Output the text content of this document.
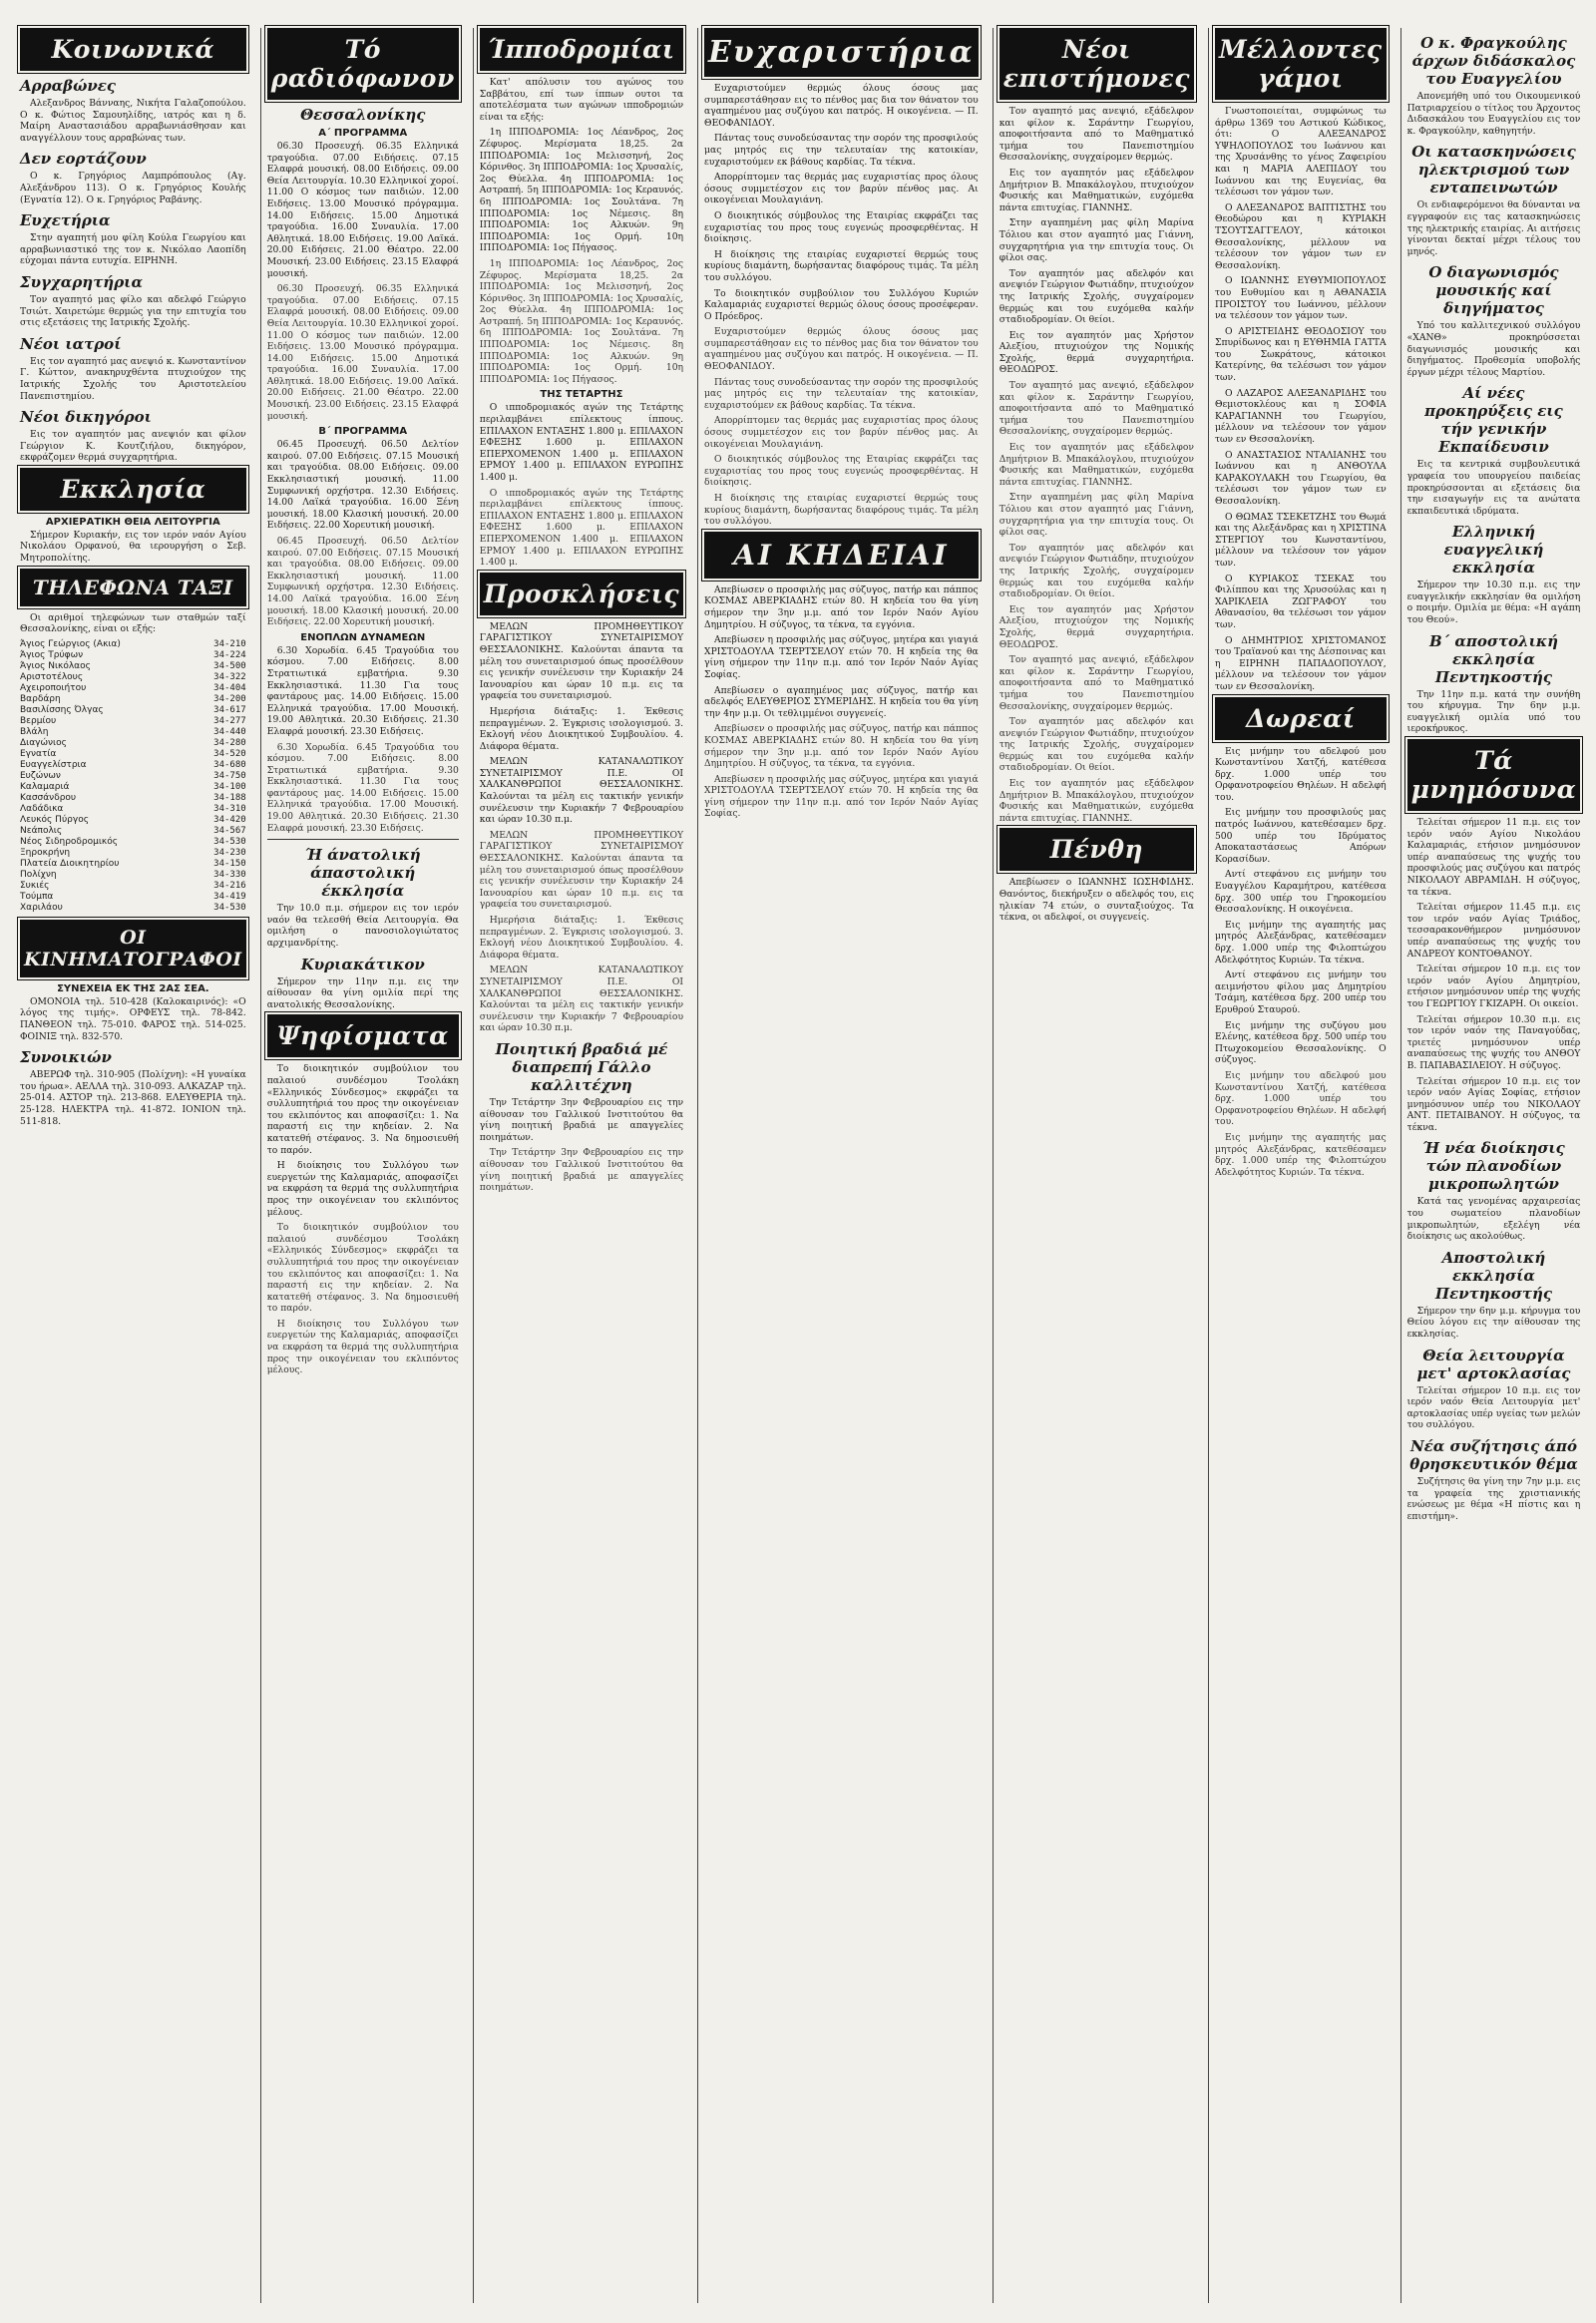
Κοινωνικά
Αρραβώνες

Αλεξανδρος Βάνναης, Νικήτα Γαλαζοπούλου. Ο κ. Φώτιος Σαμουηλίδης, ιατρός και η δ. Μαίρη Αναστασιάδου αρραβωνιάσθησαν και αναγγέλλουν τους αρραβώνας των.

Δεν εορτάζουν

Ο κ. Γρηγόριος Λαμπρόπουλος (Αγ. Αλεξάνδρου 113). Ο κ. Γρηγόριος Κουλής (Εγνατία 12). Ο κ. Γρηγόριος Ραβάνης.

Ευχετήρια

Στην αγαπητή μου φίλη Κούλα Γεωργίου και αρραβωνιαστικό της τον κ. Νικόλαο Λαοπίδη εύχομαι πάντα ευτυχία. ΕΙΡΗΝΗ.

Συγχαρητήρια

Τον αγαπητό μας φίλο και αδελφό Γεώργιο Τσιώτ. Χαιρετώμε θερμώς για την επιτυχία του στις εξετάσεις της Ιατρικής Σχολής.

Νέοι ιατροί

Εις τον αγαπητό μας ανεψιό κ. Κωνσταντίνον Γ. Κώττον, ανακηρυχθέντα πτυχιούχον της Ιατρικής Σχολής του Αριστοτελείου Πανεπιστημίου.

Νέοι δικηγόροι

Εις τον αγαπητόν μας ανεψιόν και φίλον Γεώργιον Κ. Κουτζιήλου, δικηγόρον, εκφράζομεν θερμά συγχαρητήρια.

Εκκλησία
ΑΡΧΙΕΡΑΤΙΚΗ ΘΕΙΑ ΛΕΙΤΟΥΡΓΙΑ

Σήμερον Κυριακήν, εις τον ιερόν ναόν Αγίου Νικολάου Ορφανού, θα ιερουργήση ο Σεβ. Μητροπολίτης.

ΤΗΛΕΦΩΝΑ ΤΑΞΙ

Οι αριθμοί τηλεφώνων των σταθμών ταξί Θεσσαλονίκης, είναι οι εξής:

Άγιος Γεώργιος (Ακια)	34-210
Άγιος Τρύφων	34-224
Άγιος Νικόλαος	34-500
Αριστοτέλους	34-322
Αχειροποιήτου	34-404
Βαρδάρη	34-200
Βασιλίσσης Όλγας	34-617
Βερμίου	34-277
Βλάλη	34-440
Διαγώνιος	34-280
Εγνατία	34-520
Ευαγγελίστρια	34-680
Ευζώνων	34-750
Καλαμαριά	34-100
Κασσάνδρου	34-188
Λαδάδικα	34-310
Λευκός Πύργος	34-420
Νεάπολις	34-567
Νέος Σιδηροδρομικός	34-530
Ξηροκρήνη	34-230
Πλατεία Διοικητηρίου	34-150
Πολίχνη	34-330
Συκιές	34-216
Τούμπα	34-419
Χαριλάου	34-530
ΟΙ ΚΙΝΗΜΑΤΟΓΡΑΦΟΙ
ΣΥΝΕΧΕΙΑ ΕΚ ΤΗΣ 2ΑΣ ΣΕΑ.

ΟΜΟΝΟΙΑ τηλ. 510-428 (Καλοκαιρινός): «Ο λόγος της τιμής». ΟΡΦΕΥΣ τηλ. 78-842. ΠΑΝΘΕΟΝ τηλ. 75-010. ΦΑΡΟΣ τηλ. 514-025. ΦΟΙΝΙΞ τηλ. 832-570.

Συνοικιών

ΑΒΕΡΩΦ τηλ. 310-905 (Πολίχνη): «Η γυναίκα του ήρωα». ΑΕΛΛΑ τηλ. 310-093. ΑΛΚΑΖΑΡ τηλ. 25-014. ΑΣΤΟΡ τηλ. 213-868. ΕΛΕΥΘΕΡΙΑ τηλ. 25-128. ΗΛΕΚΤΡΑ τηλ. 41-872. ΙΟΝΙΟΝ τηλ. 511-818.

Τό ραδιόφωνον
Θεσσαλονίκης
Α΄ ΠΡΟΓΡΑΜΜΑ

06.30 Προσευχή. 06.35 Ελληνικά τραγούδια. 07.00 Ειδήσεις. 07.15 Ελαφρά μουσική. 08.00 Ειδήσεις. 09.00 Θεία Λειτουργία. 10.30 Ελληνικοί χοροί. 11.00 Ο κόσμος των παιδιών. 12.00 Ειδήσεις. 13.00 Μουσικό πρόγραμμα. 14.00 Ειδήσεις. 15.00 Δημοτικά τραγούδια. 16.00 Συναυλία. 17.00 Αθλητικά. 18.00 Ειδήσεις. 19.00 Λαϊκά. 20.00 Ειδήσεις. 21.00 Θέατρο. 22.00 Μουσική. 23.00 Ειδήσεις. 23.15 Ελαφρά μουσική.

06.30 Προσευχή. 06.35 Ελληνικά τραγούδια. 07.00 Ειδήσεις. 07.15 Ελαφρά μουσική. 08.00 Ειδήσεις. 09.00 Θεία Λειτουργία. 10.30 Ελληνικοί χοροί. 11.00 Ο κόσμος των παιδιών. 12.00 Ειδήσεις. 13.00 Μουσικό πρόγραμμα. 14.00 Ειδήσεις. 15.00 Δημοτικά τραγούδια. 16.00 Συναυλία. 17.00 Αθλητικά. 18.00 Ειδήσεις. 19.00 Λαϊκά. 20.00 Ειδήσεις. 21.00 Θέατρο. 22.00 Μουσική. 23.00 Ειδήσεις. 23.15 Ελαφρά μουσική.

Β΄ ΠΡΟΓΡΑΜΜΑ

06.45 Προσευχή. 06.50 Δελτίον καιρού. 07.00 Ειδήσεις. 07.15 Μουσική και τραγούδια. 08.00 Ειδήσεις. 09.00 Εκκλησιαστική μουσική. 11.00 Συμφωνική ορχήστρα. 12.30 Ειδήσεις. 14.00 Λαϊκά τραγούδια. 16.00 Ξένη μουσική. 18.00 Κλασική μουσική. 20.00 Ειδήσεις. 22.00 Χορευτική μουσική.

06.45 Προσευχή. 06.50 Δελτίον καιρού. 07.00 Ειδήσεις. 07.15 Μουσική και τραγούδια. 08.00 Ειδήσεις. 09.00 Εκκλησιαστική μουσική. 11.00 Συμφωνική ορχήστρα. 12.30 Ειδήσεις. 14.00 Λαϊκά τραγούδια. 16.00 Ξένη μουσική. 18.00 Κλασική μουσική. 20.00 Ειδήσεις. 22.00 Χορευτική μουσική.

ΕΝΟΠΛΩΝ ΔΥΝΑΜΕΩΝ

6.30 Χορωδία. 6.45 Τραγούδια του κόσμου. 7.00 Ειδήσεις. 8.00 Στρατιωτικά εμβατήρια. 9.30 Εκκλησιαστικά. 11.30 Για τους φαντάρους μας. 14.00 Ειδήσεις. 15.00 Ελληνικά τραγούδια. 17.00 Μουσική. 19.00 Αθλητικά. 20.30 Ειδήσεις. 21.30 Ελαφρά μουσική. 23.30 Ειδήσεις.

6.30 Χορωδία. 6.45 Τραγούδια του κόσμου. 7.00 Ειδήσεις. 8.00 Στρατιωτικά εμβατήρια. 9.30 Εκκλησιαστικά. 11.30 Για τους φαντάρους μας. 14.00 Ειδήσεις. 15.00 Ελληνικά τραγούδια. 17.00 Μουσική. 19.00 Αθλητικά. 20.30 Ειδήσεις. 21.30 Ελαφρά μουσική. 23.30 Ειδήσεις.

Ή άνατολική άπαστολική έκκλησία

Την 10.0 π.μ. σήμερον εις τον ιερόν ναόν θα τελεσθή Θεία Λειτουργία. Θα ομιλήση ο πανοσιολογιώτατος αρχιμανδρίτης.

Κυριακάτικον

Σήμερον την 11ην π.μ. εις την αίθουσαν θα γίνη ομιλία περί της ανατολικής Θεσσαλονίκης.

Ψηφίσματα

Το διοικητικόν συμβούλιον του παλαιού συνδέσμου Τσολάκη «Ελληνικός Σύνδεσμος» εκφράζει τα συλλυπητήριά του προς την οικογένειαν του εκλιπόντος και αποφασίζει: 1. Να παραστή εις την κηδείαν. 2. Να κατατεθή στέφανος. 3. Να δημοσιευθή το παρόν.

Η διοίκησις του Συλλόγου των ευεργετών της Καλαμαριάς, αποφασίζει να εκφράση τα θερμά της συλλυπητήρια προς την οικογένειαν του εκλιπόντος μέλους.

Το διοικητικόν συμβούλιον του παλαιού συνδέσμου Τσολάκη «Ελληνικός Σύνδεσμος» εκφράζει τα συλλυπητήριά του προς την οικογένειαν του εκλιπόντος και αποφασίζει: 1. Να παραστή εις την κηδείαν. 2. Να κατατεθή στέφανος. 3. Να δημοσιευθή το παρόν.

Η διοίκησις του Συλλόγου των ευεργετών της Καλαμαριάς, αποφασίζει να εκφράση τα θερμά της συλλυπητήρια προς την οικογένειαν του εκλιπόντος μέλους.

Ίπποδρομίαι

Κατ' απόλυσιν του αγώνος του Σαββάτου, επί των ίππων ουτοι τα αποτελέσματα των αγώνων ιπποδρομιών είναι τα εξής:

1η ΙΠΠΟΔΡΟΜΙΑ: 1ος Λέανδρος, 2ος Ζέφυρος. Μερίσματα 18,25. 2α ΙΠΠΟΔΡΟΜΙΑ: 1ος Μελισσηνή, 2ος Κόρινθος. 3η ΙΠΠΟΔΡΟΜΙΑ: 1ος Χρυσαλίς, 2ος Θύελλα. 4η ΙΠΠΟΔΡΟΜΙΑ: 1ος Αστραπή. 5η ΙΠΠΟΔΡΟΜΙΑ: 1ος Κεραυνός. 6η ΙΠΠΟΔΡΟΜΙΑ: 1ος Σουλτάνα. 7η ΙΠΠΟΔΡΟΜΙΑ: 1ος Νέμεσις. 8η ΙΠΠΟΔΡΟΜΙΑ: 1ος Αλκυών. 9η ΙΠΠΟΔΡΟΜΙΑ: 1ος Ορμή. 10η ΙΠΠΟΔΡΟΜΙΑ: 1ος Πήγασος.

1η ΙΠΠΟΔΡΟΜΙΑ: 1ος Λέανδρος, 2ος Ζέφυρος. Μερίσματα 18,25. 2α ΙΠΠΟΔΡΟΜΙΑ: 1ος Μελισσηνή, 2ος Κόρινθος. 3η ΙΠΠΟΔΡΟΜΙΑ: 1ος Χρυσαλίς, 2ος Θύελλα. 4η ΙΠΠΟΔΡΟΜΙΑ: 1ος Αστραπή. 5η ΙΠΠΟΔΡΟΜΙΑ: 1ος Κεραυνός. 6η ΙΠΠΟΔΡΟΜΙΑ: 1ος Σουλτάνα. 7η ΙΠΠΟΔΡΟΜΙΑ: 1ος Νέμεσις. 8η ΙΠΠΟΔΡΟΜΙΑ: 1ος Αλκυών. 9η ΙΠΠΟΔΡΟΜΙΑ: 1ος Ορμή. 10η ΙΠΠΟΔΡΟΜΙΑ: 1ος Πήγασος.

ΤΗΣ ΤΕΤΑΡΤΗΣ

Ο ιπποδρομιακός αγών της Τετάρτης περιλαμβάνει επίλεκτους ίππους. ΕΠΙΛΑΧΟΝ ΕΝΤΑΞΗΣ 1.800 μ. ΕΠΙΛΑΧΟΝ ΕΦΕΞΗΣ 1.600 μ. ΕΠΙΛΑΧΟΝ ΕΠΕΡΧΟΜΕΝΟΝ 1.400 μ. ΕΠΙΛΑΧΟΝ ΕΡΜΟΥ 1.400 μ. ΕΠΙΛΑΧΟΝ ΕΥΡΩΠΗΣ 1.400 μ.

Ο ιπποδρομιακός αγών της Τετάρτης περιλαμβάνει επίλεκτους ίππους. ΕΠΙΛΑΧΟΝ ΕΝΤΑΞΗΣ 1.800 μ. ΕΠΙΛΑΧΟΝ ΕΦΕΞΗΣ 1.600 μ. ΕΠΙΛΑΧΟΝ ΕΠΕΡΧΟΜΕΝΟΝ 1.400 μ. ΕΠΙΛΑΧΟΝ ΕΡΜΟΥ 1.400 μ. ΕΠΙΛΑΧΟΝ ΕΥΡΩΠΗΣ 1.400 μ.

Προσκλήσεις

ΜΕΛΩΝ ΠΡΟΜΗΘΕΥΤΙΚΟΥ ΓΑΡΑΓΙΣΤΙΚΟΥ ΣΥΝΕΤΑΙΡΙΣΜΟΥ ΘΕΣΣΑΛΟΝΙΚΗΣ. Καλούνται άπαντα τα μέλη του συνεταιρισμού όπως προσέλθουν εις γενικήν συνέλευσιν την Κυριακήν 24 Ιανουαρίου και ώραν 10 π.μ. εις τα γραφεία του συνεταιρισμού.

Ημερήσια διάταξις: 1. Έκθεσις πεπραγμένων. 2. Έγκρισις ισολογισμού. 3. Εκλογή νέου Διοικητικού Συμβουλίου. 4. Διάφορα θέματα.

ΜΕΛΩΝ ΚΑΤΑΝΑΛΩΤΙΚΟΥ ΣΥΝΕΤΑΙΡΙΣΜΟΥ Π.Ε. ΟΙ ΧΑΛΚΑΝΘΡΩΠΟΙ ΘΕΣΣΑΛΟΝΙΚΗΣ. Καλούνται τα μέλη εις τακτικήν γενικήν συνέλευσιν την Κυριακήν 7 Φεβρουαρίου και ώραν 10.30 π.μ.

ΜΕΛΩΝ ΠΡΟΜΗΘΕΥΤΙΚΟΥ ΓΑΡΑΓΙΣΤΙΚΟΥ ΣΥΝΕΤΑΙΡΙΣΜΟΥ ΘΕΣΣΑΛΟΝΙΚΗΣ. Καλούνται άπαντα τα μέλη του συνεταιρισμού όπως προσέλθουν εις γενικήν συνέλευσιν την Κυριακήν 24 Ιανουαρίου και ώραν 10 π.μ. εις τα γραφεία του συνεταιρισμού.

Ημερήσια διάταξις: 1. Έκθεσις πεπραγμένων. 2. Έγκρισις ισολογισμού. 3. Εκλογή νέου Διοικητικού Συμβουλίου. 4. Διάφορα θέματα.

ΜΕΛΩΝ ΚΑΤΑΝΑΛΩΤΙΚΟΥ ΣΥΝΕΤΑΙΡΙΣΜΟΥ Π.Ε. ΟΙ ΧΑΛΚΑΝΘΡΩΠΟΙ ΘΕΣΣΑΛΟΝΙΚΗΣ. Καλούνται τα μέλη εις τακτικήν γενικήν συνέλευσιν την Κυριακήν 7 Φεβρουαρίου και ώραν 10.30 π.μ.

Ποιητική βραδιά μέ διαπρεπή Γάλλο καλλιτέχνη

Την Τετάρτην 3ην Φεβρουαρίου εις την αίθουσαν του Γαλλικού Ινστιτούτου θα γίνη ποιητική βραδιά με απαγγελίες ποιημάτων.

Την Τετάρτην 3ην Φεβρουαρίου εις την αίθουσαν του Γαλλικού Ινστιτούτου θα γίνη ποιητική βραδιά με απαγγελίες ποιημάτων.

Ευχαριστήρια

Ευχαριστούμεν θερμώς όλους όσους μας συμπαρεστάθησαν εις το πένθος μας δια τον θάνατον του αγαπημένου μας συζύγου και πατρός. Η οικογένεια. — Π. ΘΕΟΦΑΝΙΔΟΥ.

Πάντας τους συνοδεύσαντας την σορόν της προσφιλούς μας μητρός εις την τελευταίαν της κατοικίαν, ευχαριστούμεν εκ βάθους καρδίας. Τα τέκνα.

Απορρίπτομεν τας θερμάς μας ευχαριστίας προς όλους όσους συμμετέσχον εις τον βαρύν πένθος μας. Αι οικογένειαι Μουλαγιάνη.

Ο διοικητικός σύμβουλος της Εταιρίας εκφράζει τας ευχαριστίας του προς τους ευγενώς προσφερθέντας. Η διοίκησις.

Η διοίκησις της εταιρίας ευχαριστεί θερμώς τους κυρίους διαμάντη, δωρήσαντας διαφόρους τιμάς. Τα μέλη του συλλόγου.

Το διοικητικόν συμβούλιον του Συλλόγου Κυριών Καλαμαριάς ευχαριστεί θερμώς όλους όσους προσέφεραν. Ο Πρόεδρος.

Ευχαριστούμεν θερμώς όλους όσους μας συμπαρεστάθησαν εις το πένθος μας δια τον θάνατον του αγαπημένου μας συζύγου και πατρός. Η οικογένεια. — Π. ΘΕΟΦΑΝΙΔΟΥ.

Πάντας τους συνοδεύσαντας την σορόν της προσφιλούς μας μητρός εις την τελευταίαν της κατοικίαν, ευχαριστούμεν εκ βάθους καρδίας. Τα τέκνα.

Απορρίπτομεν τας θερμάς μας ευχαριστίας προς όλους όσους συμμετέσχον εις τον βαρύν πένθος μας. Αι οικογένειαι Μουλαγιάνη.

Ο διοικητικός σύμβουλος της Εταιρίας εκφράζει τας ευχαριστίας του προς τους ευγενώς προσφερθέντας. Η διοίκησις.

Η διοίκησις της εταιρίας ευχαριστεί θερμώς τους κυρίους διαμάντη, δωρήσαντας διαφόρους τιμάς. Τα μέλη του συλλόγου.

ΑΙ ΚΗΔΕΙΑΙ

Απεβίωσεν ο προσφιλής μας σύζυγος, πατήρ και πάππος ΚΟΣΜΑΣ ΑΒΕΡΚΙΑΔΗΣ ετών 80. Η κηδεία του θα γίνη σήμερον την 3ην μ.μ. από τον Ιερόν Ναόν Αγίου Δημητρίου. Η σύζυγος, τα τέκνα, τα εγγόνια.

Απεβίωσεν η προσφιλής μας σύζυγος, μητέρα και γιαγιά ΧΡΙΣΤΟΔΟΥΛΑ ΤΣΕΡΤΣΕΛΟΥ ετών 70. Η κηδεία της θα γίνη σήμερον την 11ην π.μ. από τον Ιερόν Ναόν Αγίας Σοφίας.

Απεβίωσεν ο αγαπημένος μας σύζυγος, πατήρ και αδελφός ΕΛΕΥΘΕΡΙΟΣ ΣΥΜΕΡΙΔΗΣ. Η κηδεία του θα γίνη την 4ην μ.μ. Οι τεθλιμμένοι συγγενείς.

Απεβίωσεν ο προσφιλής μας σύζυγος, πατήρ και πάππος ΚΟΣΜΑΣ ΑΒΕΡΚΙΑΔΗΣ ετών 80. Η κηδεία του θα γίνη σήμερον την 3ην μ.μ. από τον Ιερόν Ναόν Αγίου Δημητρίου. Η σύζυγος, τα τέκνα, τα εγγόνια.

Απεβίωσεν η προσφιλής μας σύζυγος, μητέρα και γιαγιά ΧΡΙΣΤΟΔΟΥΛΑ ΤΣΕΡΤΣΕΛΟΥ ετών 70. Η κηδεία της θα γίνη σήμερον την 11ην π.μ. από τον Ιερόν Ναόν Αγίας Σοφίας.

Νέοι επιστήμονες

Τον αγαπητό μας ανεψιό, εξάδελφον και φίλον κ. Σαράντην Γεωργίου, αποφοιτήσαντα από το Μαθηματικό τμήμα του Πανεπιστημίου Θεσσαλονίκης, συγχαίρομεν θερμώς.

Εις τον αγαπητόν μας εξάδελφον Δημήτριον Β. Μπακάλογλου, πτυχιούχον Φυσικής και Μαθηματικών, ευχόμεθα πάντα επιτυχίας. ΓΙΑΝΝΗΣ.

Στην αγαπημένη μας φίλη Μαρίνα Τόλιου και στον αγαπητό μας Γιάννη, συγχαρητήρια για την επιτυχία τους. Οι φίλοι σας.

Τον αγαπητόν μας αδελφόν και ανεψιόν Γεώργιον Φωτιάδην, πτυχιούχον της Ιατρικής Σχολής, συγχαίρομεν θερμώς και του ευχόμεθα καλήν σταδιοδρομίαν. Οι θείοι.

Εις τον αγαπητόν μας Χρήστον Αλεξίου, πτυχιούχον της Νομικής Σχολής, θερμά συγχαρητήρια. ΘΕΟΔΩΡΟΣ.

Τον αγαπητό μας ανεψιό, εξάδελφον και φίλον κ. Σαράντην Γεωργίου, αποφοιτήσαντα από το Μαθηματικό τμήμα του Πανεπιστημίου Θεσσαλονίκης, συγχαίρομεν θερμώς.

Εις τον αγαπητόν μας εξάδελφον Δημήτριον Β. Μπακάλογλου, πτυχιούχον Φυσικής και Μαθηματικών, ευχόμεθα πάντα επιτυχίας. ΓΙΑΝΝΗΣ.

Στην αγαπημένη μας φίλη Μαρίνα Τόλιου και στον αγαπητό μας Γιάννη, συγχαρητήρια για την επιτυχία τους. Οι φίλοι σας.

Τον αγαπητόν μας αδελφόν και ανεψιόν Γεώργιον Φωτιάδην, πτυχιούχον της Ιατρικής Σχολής, συγχαίρομεν θερμώς και του ευχόμεθα καλήν σταδιοδρομίαν. Οι θείοι.

Εις τον αγαπητόν μας Χρήστον Αλεξίου, πτυχιούχον της Νομικής Σχολής, θερμά συγχαρητήρια. ΘΕΟΔΩΡΟΣ.

Τον αγαπητό μας ανεψιό, εξάδελφον και φίλον κ. Σαράντην Γεωργίου, αποφοιτήσαντα από το Μαθηματικό τμήμα του Πανεπιστημίου Θεσσαλονίκης, συγχαίρομεν θερμώς.

Τον αγαπητόν μας αδελφόν και ανεψιόν Γεώργιον Φωτιάδην, πτυχιούχον της Ιατρικής Σχολής, συγχαίρομεν θερμώς και του ευχόμεθα καλήν σταδιοδρομίαν. Οι θείοι.

Εις τον αγαπητόν μας εξάδελφον Δημήτριον Β. Μπακάλογλου, πτυχιούχον Φυσικής και Μαθηματικών, ευχόμεθα πάντα επιτυχίας. ΓΙΑΝΝΗΣ.

Πένθη

Απεβίωσεν ο ΙΩΑΝΝΗΣ ΙΩΣΗΦΙΔΗΣ. Θανόντος, διεκήρυξεν ο αδελφός του, εις ηλικίαν 74 ετών, ο συνταξιούχος. Τα τέκνα, οι αδελφοί, οι συγγενείς.

Μέλλοντες γάμοι

Γνωστοποιείται, συμφώνως τω άρθρω 1369 του Αστικού Κώδικος, ότι: Ο ΑΛΕΞΑΝΔΡΟΣ ΥΨΗΛΟΠΟΥΛΟΣ του Ιωάννου και της Χρυσάνθης το γένος Ζαφειρίου και η ΜΑΡΙΑ ΑΛΕΠΙΔΟΥ του Ιωάννου και της Ευγενίας, θα τελέσωσι τον γάμον των.

Ο ΑΛΕΞΑΝΔΡΟΣ ΒΑΠΤΙΣΤΗΣ του Θεοδώρου και η ΚΥΡΙΑΚΗ ΤΣΟΥΤΣΑΓΓΕΛΟΥ, κάτοικοι Θεσσαλονίκης, μέλλουν να τελέσουν τον γάμον των εν Θεσσαλονίκη.

Ο ΙΩΑΝΝΗΣ ΕΥΘΥΜΙΟΠΟΥΛΟΣ του Ευθυμίου και η ΑΘΑΝΑΣΙΑ ΠΡΟΙΣΤΟΥ του Ιωάννου, μέλλουν να τελέσουν τον γάμον των.

Ο ΑΡΙΣΤΕΙΔΗΣ ΘΕΟΔΟΣΙΟΥ του Σπυρίδωνος και η ΕΥΘΗΜΙΑ ΓΑΤΤΑ του Σωκράτους, κάτοικοι Κατερίνης, θα τελέσωσι τον γάμον των.

Ο ΛΑΖΑΡΟΣ ΑΛΕΞΑΝΔΡΙΔΗΣ του Θεμιστοκλέους και η ΣΟΦΙΑ ΚΑΡΑΓΙΑΝΝΗ του Γεωργίου, μέλλουν να τελέσουν τον γάμον των εν Θεσσαλονίκη.

Ο ΑΝΑΣΤΑΣΙΟΣ ΝΤΑΛΙΑΝΗΣ του Ιωάννου και η ΑΝΘΟΥΛΑ ΚΑΡΑΚΟΥΛΑΚΗ του Γεωργίου, θα τελέσωσι τον γάμον των εν Θεσσαλονίκη.

Ο ΘΩΜΑΣ ΤΣΕΚΕΤΖΗΣ του Θωμά και της Αλεξάνδρας και η ΧΡΙΣΤΙΝΑ ΣΤΕΡΓΙΟΥ του Κωνσταντίνου, μέλλουν να τελέσουν τον γάμον των.

Ο ΚΥΡΙΑΚΟΣ ΤΣΕΚΑΣ του Φιλίππου και της Χρυσούλας και η ΧΑΡΙΚΛΕΙΑ ΖΩΓΡΑΦΟΥ του Αθανασίου, θα τελέσωσι τον γάμον των.

Ο ΔΗΜΗΤΡΙΟΣ ΧΡΙΣΤΟΜΑΝΟΣ του Τραϊανού και της Δέσποινας και η ΕΙΡΗΝΗ ΠΑΠΑΔΟΠΟΥΛΟΥ, μέλλουν να τελέσουν τον γάμον των εν Θεσσαλονίκη.

Δωρεαί

Εις μνήμην του αδελφού μου Κωνσταντίνου Χατζή, κατέθεσα δρχ. 1.000 υπέρ του Ορφανοτροφείου Θηλέων. Η αδελφή του.

Εις μνήμην του προσφιλούς μας πατρός Ιωάννου, κατεθέσαμεν δρχ. 500 υπέρ του Ιδρύματος Αποκαταστάσεως Απόρων Κορασίδων.

Αντί στεφάνου εις μνήμην του Ευαγγέλου Καραμήτρου, κατέθεσα δρχ. 300 υπέρ του Γηροκομείου Θεσσαλονίκης. Η οικογένεια.

Εις μνήμην της αγαπητής μας μητρός Αλεξάνδρας, κατεθέσαμεν δρχ. 1.000 υπέρ της Φιλοπτώχου Αδελφότητος Κυριών. Τα τέκνα.

Αντί στεφάνου εις μνήμην του αειμνήστου φίλου μας Δημητρίου Τσάμη, κατέθεσα δρχ. 200 υπέρ του Ερυθρού Σταυρού.

Εις μνήμην της συζύγου μου Ελένης, κατέθεσα δρχ. 500 υπέρ του Πτωχοκομείου Θεσσαλονίκης. Ο σύζυγος.

Εις μνήμην του αδελφού μου Κωνσταντίνου Χατζή, κατέθεσα δρχ. 1.000 υπέρ του Ορφανοτροφείου Θηλέων. Η αδελφή του.

Εις μνήμην της αγαπητής μας μητρός Αλεξάνδρας, κατεθέσαμεν δρχ. 1.000 υπέρ της Φιλοπτώχου Αδελφότητος Κυριών. Τα τέκνα.

Ο κ. Φραγκούλης άρχων διδάσκαλος του Ευαγγελίου

Απονεμήθη υπό του Οικουμενικού Πατριαρχείου ο τίτλος του Άρχοντος Διδασκάλου του Ευαγγελίου εις τον κ. Φραγκούλην, καθηγητήν.

Οι κατασκηνώσεις ηλεκτρισμού των ενταπεινωτών

Οι ενδιαφερόμενοι θα δύνανται να εγγραφούν εις τας κατασκηνώσεις της ηλεκτρικής εταιρίας. Αι αιτήσεις γίνονται δεκταί μέχρι τέλους του μηνός.

Ο διαγωνισμός μουσικής καί διηγήματος

Υπό του καλλιτεχνικού συλλόγου «ΧΑΝΘ» προκηρύσσεται διαγωνισμός μουσικής και διηγήματος. Προθεσμία υποβολής έργων μέχρι τέλους Μαρτίου.

Αί νέες προκηρύξεις εις τήν γενικήν Εκπαίδευσιν

Εις τα κεντρικά συμβουλευτικά γραφεία του υπουργείου παιδείας προκηρύσσονται αι εξετάσεις δια την εισαγωγήν εις τα ανώτατα εκπαιδευτικά ιδρύματα.

Ελληνική ευαγγελική εκκλησία

Σήμερον την 10.30 π.μ. εις την ευαγγελικήν εκκλησίαν θα ομιλήση ο ποιμήν. Ομιλία με θέμα: «Η αγάπη του Θεού».

Β΄ αποστολική εκκλησία Πεντηκοστής

Την 11ην π.μ. κατά την συνήθη του κήρυγμα. Την 6ην μ.μ. ευαγγελική ομιλία υπό του ιεροκήρυκος.

Τά μνημόσυνα

Τελείται σήμερον 11 π.μ. εις τον ιερόν ναόν Αγίου Νικολάου Καλαμαριάς, ετήσιον μνημόσυνον υπέρ αναπαύσεως της ψυχής του προσφιλούς μας συζύγου και πατρός ΝΙΚΟΛΑΟΥ ΑΒΡΑΜΙΔΗ. Η σύζυγος, τα τέκνα.

Τελείται σήμερον 11.45 π.μ. εις τον ιερόν ναόν Αγίας Τριάδος, τεσσαρακονθήμερον μνημόσυνον υπέρ αναπαύσεως της ψυχής του ΑΝΔΡΕΟΥ ΚΟΝΤΟΘΑΝΟΥ.

Τελείται σήμερον 10 π.μ. εις τον ιερόν ναόν Αγίου Δημητρίου, ετήσιον μνημόσυνον υπέρ της ψυχής του ΓΕΩΡΓΙΟΥ ΓΚΙΖΑΡΗ. Οι οικείοι.

Τελείται σήμερον 10.30 π.μ. εις τον ιερόν ναόν της Παναγούδας, τριετές μνημόσυνον υπέρ αναπαύσεως της ψυχής του ΑΝΘΟΥ Β. ΠΑΠΑΒΑΣΙΛΕΙΟΥ. Η σύζυγος.

Τελείται σήμερον 10 π.μ. εις τον ιερόν ναόν Αγίας Σοφίας, ετήσιον μνημόσυνον υπέρ του ΝΙΚΟΛΑΟΥ ΑΝΤ. ΠΕΤΑΙΒΑΝΟΥ. Η σύζυγος, τα τέκνα.

Ή νέα διοίκησις τών πλανοδίων μικροπωλητών

Κατά τας γενομένας αρχαιρεσίας του σωματείου πλανοδίων μικροπωλητών, εξελέγη νέα διοίκησις ως ακολούθως.

Αποστολική εκκλησία Πεντηκοστής

Σήμερον την 6ην μ.μ. κήρυγμα του Θείου λόγου εις την αίθουσαν της εκκλησίας.

Θεία λειτουργία μετ' αρτοκλασίας

Τελείται σήμερον 10 π.μ. εις τον ιερόν ναόν Θεία Λειτουργία μετ' αρτοκλασίας υπέρ υγείας των μελών του συλλόγου.

Νέα συζήτησις άπό θρησκευτικόν θέμα

Συζήτησις θα γίνη την 7ην μ.μ. εις τα γραφεία της χριστιανικής ενώσεως με θέμα «Η πίστις και η επιστήμη».
